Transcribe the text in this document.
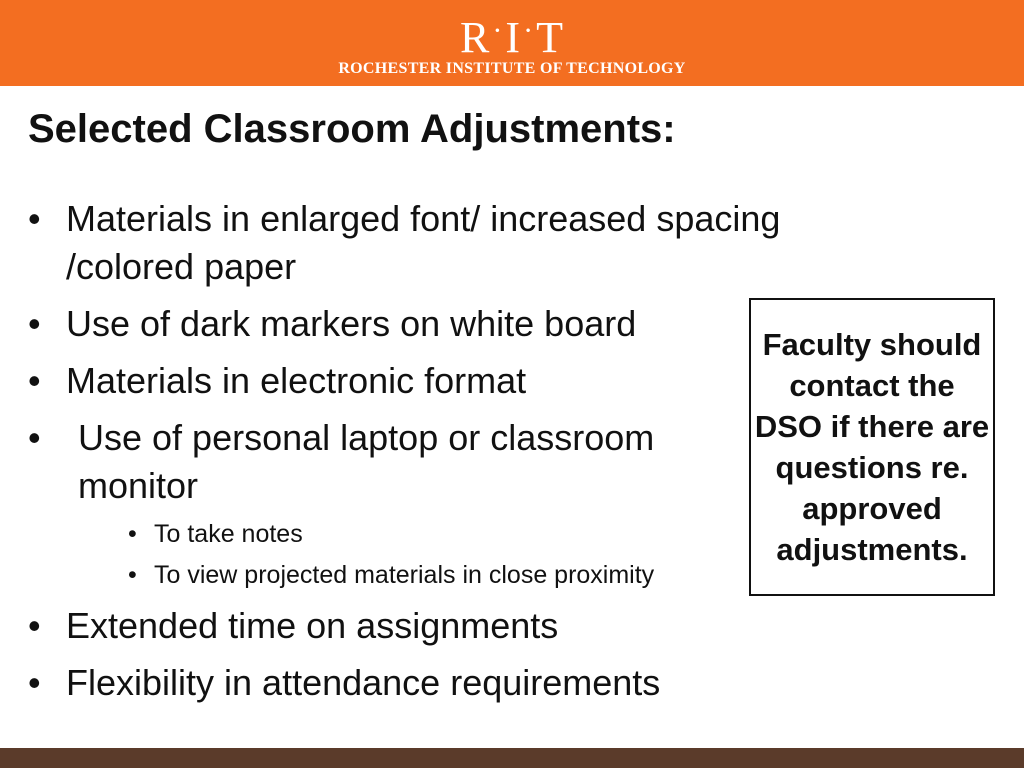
R·I·T
ROCHESTER INSTITUTE OF TECHNOLOGY
Selected Classroom Adjustments:
• Materials in enlarged font/ increased spacing
/colored paper
• Use of dark markers on white board
• Materials in electronic format
• Use of personal laptop or classroom
monitor
• To take notes
• To view projected materials in close proximity
• Extended time on assignments
• Flexibility in attendance requirements
Faculty should contact the DSO if there are questions re. approved adjustments.
